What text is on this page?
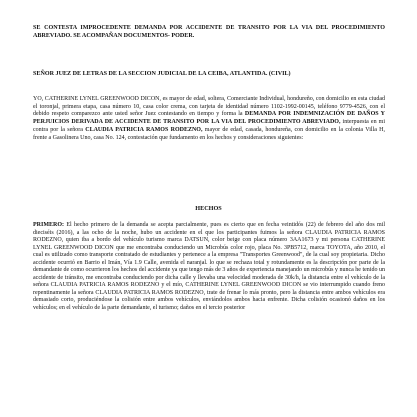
SE CONTESTA IMPROCEDENTE DEMANDA POR ACCIDENTE DE TRANSITO POR LA VIA DEL PROCEDIMIENTO ABREVIADO. SE ACOMPAÑAN DOCUMENTOS- PODER.

SEÑOR JUEZ DE LETRAS DE LA SECCION JUDICIAL DE LA CEIBA, ATLANTIDA. (CIVIL)

YO, CATHERINE LYNEL GREENWOOD DICON, es mayor de edad, soltera, Comerciante Individual, hondureño, con domicilio en esta ciudad el toronjal, primera etapa, casa número 10, casa color crema, con tarjeta de identidad número 1102-1992-00145, teléfono 9779-4526, con el debido respeto comparezco ante usted señor Juez contestando en tiempo y forma la DEMANDA POR INDEMNIZACIÓN DE DAÑOS Y PERJUICIOS DERIVADA DE ACCIDENTE DE TRANSITO POR LA VIA DEL PROCEDIMIENTO ABREVIADO, interpuesta en mi contra por la señora CLAUDIA PATRICIA RAMOS RODEZNO, mayor de edad, casada, hondureña, con domicilio en la colonia Villa H, frente a Gasolinera Uno, casa No. 124, contestación que fundamento en los hechos y consideraciones siguientes:

HECHOS

PRIMERO: El hecho primero de la demanda se acepta parcialmente, pues es cierto que en fecha veintidós (22) de febrero del año dos mil dieciséis (2016), a las ocho de la noche, hubo un accidente en el que los participantes fuimos la señora CLAUDIA PATRICIA RAMOS RODEZNO, quien iba a bordo del vehículo turismo marca DATSUN, color beige con placa número 3AA1673 y mi persona CATHERINE LYNEL GREENWOOD DICON que me encontraba conduciendo un Microbús color rojo, placa No. 3PB5712, marca TOYOTA, año 2010, el cual es utilizado como transporte contratado de estudiantes y pertenece a la empresa "Transportes Greenwood", de la cual soy propietaria. Dicho accidente ocurrió en Barrio el Imán, Vía 1.9 Calle, avenida el naranjal. lo que se rechaza total y rotundamente es la descripción por parte de la demandante de como ocurrieron los hechos del accidente ya que tengo más de 3 años de experiencia manejando un microbús y nunca he tenido un accidente de tránsito, me encontraba conduciendo por dicha calle y llevaba una velocidad moderada de 30k/h, la distancia entre el vehículo de la señora CLAUDIA PATRICIA RAMOS RODEZNO y el mío, CATHERINE LYNEL GREENWOOD DICON se vio interrumpido cuando freno repentinamente la señora CLAUDIA PATRICIA RAMOS RODEZNO, trate de frenar lo más pronto, pero la distancia entre ambos vehículos era demasiado corto, produciéndose la colisión entre ambos vehículos, enviándolos ambos hacia enfrente. Dicha colisión ocasionó daños en los vehículos; en el vehículo de la parte demandante, el turismo; daños en el tercio posterior
